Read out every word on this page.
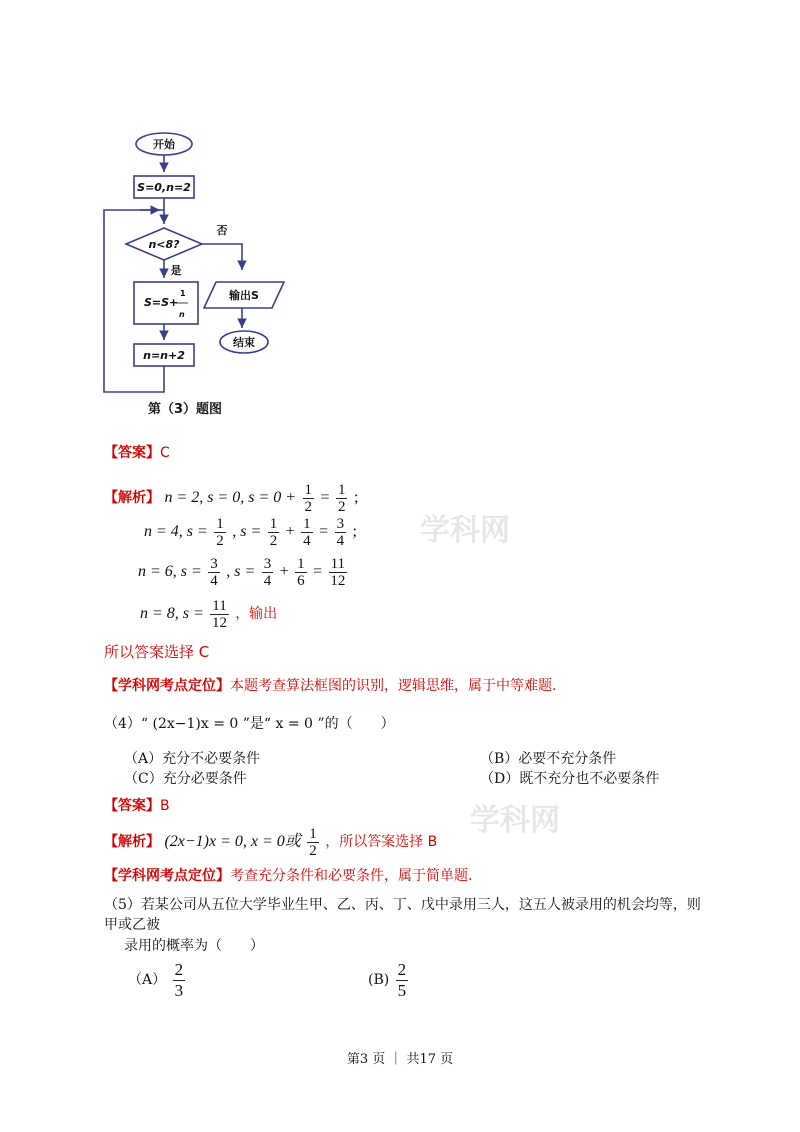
学科网
学科网
开始
S=0,n=2
n<8?
否
是
S=S+
1
n
输出S
结束
n=n+2
第（3）题图
【答案】C
【解析】 n = 2, s = 0, $s = 0 + \frac{1}{2} = \frac{1}{2}$ ;
n = 4, $s = \frac{1}{2}$ , $s = \frac{1}{2} + \frac{1}{4} = \frac{3}{4}$ ;
n = 6, $s = \frac{3}{4}$ , $s = \frac{3}{4} + \frac{1}{6} = \frac{11}{12}$
n = 8, $s = \frac{11}{12}$ ，输出
所以答案选择 C
【学科网考点定位】本题考查算法框图的识别，逻辑思维，属于中等难题.
（4）“ (2x−1)x = 0 ”是“ x = 0 ”的（　　）
（A）充分不必要条件	（B）必要不充分条件
（C）充分必要条件	（D）既不充分也不必要条件
【答案】B
【解析】 (2x−1)x = 0, x = 0或 $\frac{1}{2}$ ，所以答案选择 B
【学科网考点定位】考查充分条件和必要条件，属于简单题.
（5）若某公司从五位大学毕业生甲、乙、丙、丁、戊中录用三人，这五人被录用的机会均等，则甲或乙被
录用的概率为（　　）
$(A) \frac{2}{3}$	$(B) \frac{2}{5}$
第3 页 ｜ 共17 页
